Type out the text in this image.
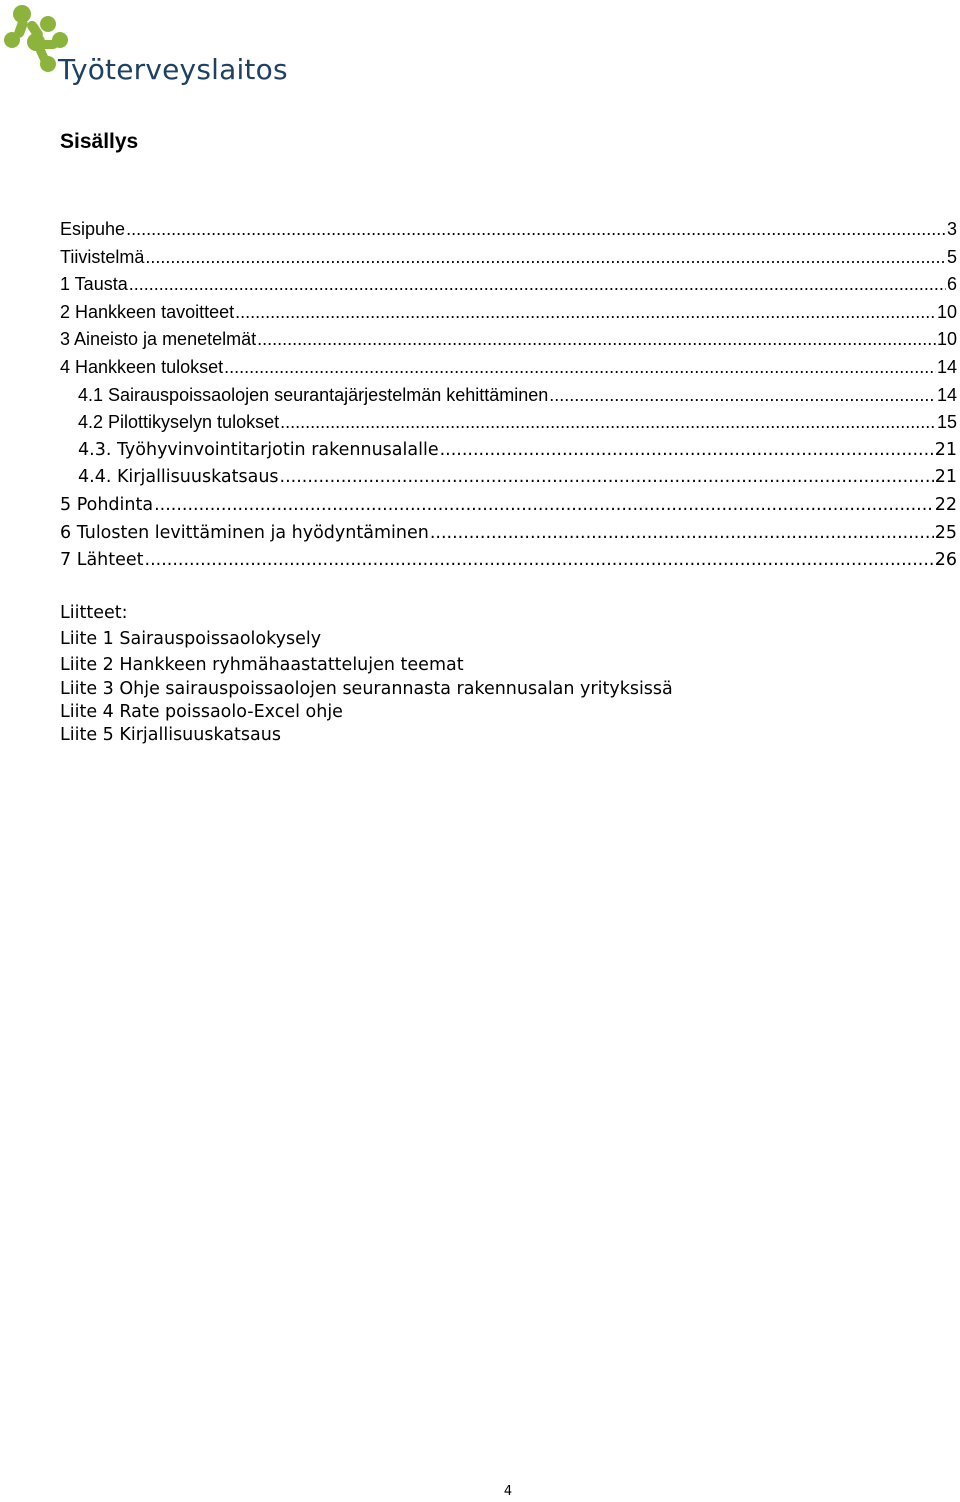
Työterveyslaitos
Sisällys
Esipuhe .....	3
Tiivistelmä .....	5
1 Tausta .....	6
2 Hankkeen tavoitteet .....	10
3 Aineisto ja menetelmät .....	10
4 Hankkeen tulokset .....	14
4.1 Sairauspoissaolojen seurantajärjestelmän kehittäminen .....	14
4.2 Pilottikyselyn tulokset .....	15
4.3. Työhyvinvointitarjotin rakennusalalle .....	21
4.4. Kirjallisuuskatsaus .....	21
5 Pohdinta .....	22
6 Tulosten levittäminen ja hyödyntäminen .....	25
7 Lähteet .....	26
Liitteet:
Liite 1 Sairauspoissaolokysely
Liite 2 Hankkeen ryhmähaastattelujen teemat
Liite 3 Ohje sairauspoissaolojen seurannasta rakennusalan yrityksissä
Liite 4 Rate poissaolo-Excel ohje
Liite 5 Kirjallisuuskatsaus
4
